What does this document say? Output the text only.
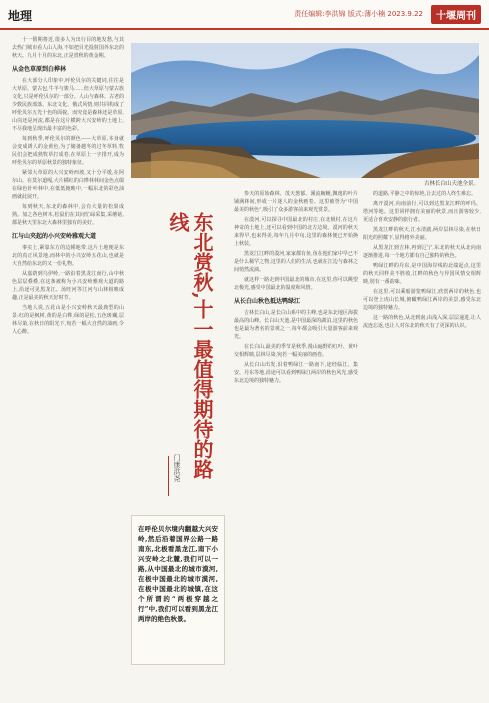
地理	责任编辑:李洪锦 版式:薄小楠 2023.9.22	十堰周刊

十一假期将近,很多人为出行目的地发愁,与其去热门城市看人山人海,不如把目光投射国外东北的秋天。九月十月的东北,正是赏秋的黄金期。

从金色草原到白桦林

在大部分人印象中,呼伦贝尔的关键词,往往是大草原、蒙古包,牛羊与骏马……但大草原与蒙古族文化,只是呼伦贝尔的一部分。人山与森林、古老的少数民族部落、东北文化、俄式风情,则共同构成了呼伦贝尔五光十色的面貌。而究竟是森林还是草原,山岗还是河流,都是在这片横跨大兴安岭的土地上,不尽我地呈现出最丰富的色彩。

每到秋季,呼伦贝尔的颜色——大草原,本身就会变成诱人的金黄色,为了储备越冬的过冬草料,牧民们会把成熟牧草打成卷,在草原上一字排开,成为呼伦贝尔的草原秋景的独特象征。

紧邻大草原的大兴安岭西坡,又十分平缓,在阿尔山、在莫尔道嘎,大片橘红的白桦林林间金色点缀在绿色针叶林中,在低低掩映中,一幅东北的彩色油画就此展开。

每到秋天,东北的森林中,会有大量的松果成熟。加之各色树木,松鼠们在其间忙碌采集,采蘑菇,都是秋天里东北大森林里独有的美好。

江与山夹起的小兴安岭雅观大道

事实上,紧靠东方的边陲地带,这片土地便是东北的真正风景地,而林中的小兴安岭五花山,也就是大自然给东北的又一份礼物。

从嘉荫到乌伊岭,一路沿着黑龙江而行,山中秋色层层叠叠,在这条被称为小兴安岭雅观大道的路上,沿途可见黑龙江、汤旺河等江河与山林相映成趣,正是最美的秋天好时节。

当地人说,五花山是小兴安岭秋天最典型的山景:红的是枫树,黄的是白桦,绿的是松,五色斑斓,层林尽染,在秋日的阳光下,宛若一幅大自然的油画,令人心醉。

吉林长白山天池全景。
东北赏秋,十一最值得期待的路线
门康洪尧
在呼伦贝尔境内翻越大兴安岭,然后沿着国界公路一路南东,北极看黑龙江,南下小兴安岭之北麓,我们可以一路,从中国最北的城市漠河,在极中国最北的城市漠河,在极中国最北的城镇,在这个所谓的“两极穿越之行”中,我们可以看到黑龙江两岸的绝色秋景。

参天的原始森林、茂天葱郁、溪流蜿蜒,飘逸的叶片铺满林间,形成一片迷人的金秋画卷。这里被誉为“中国最美的秋色”,吸引了众多游客前来观光赏景。

在漠河,可以探寻中国最北的村庄,在北极村,在这片神奇的土地上,还可以看到中国的北方边境。漠河的秋天来得早,也来得美,每年九月中旬,这里的森林便已开始换上秋装。

黑龙江江畔的漠河,家家都有鱼,鱼在他们家中早已不是什么稀罕之物,这里的人们的生活,也就在江边与森林之间悄然流淌。

就这样一路走到中国最北的城市,在这里,你可以眺望北极光,感受中国最北的温度和风情。

从长白山秋色抵达鸭绿江

吉林长白山,是长白山系中的主峰,也是东北地区海拔最高的山峰。长白山天池,是中国最深的湖泊,这里的秋色也是最为著名的景观之一,每年都会吸引大量游客前来观光。

在长白山,最美的季节是秋季,漫山遍野的红叶、黄叶交相辉映,层林尽染,宛若一幅美丽的画卷。

从长白山出发,沿着鸭绿江一路南下,途经临江、集安、丹东等地,沿途可以看到鸭绿江两岸的秋色风光,感受东北边境的独特魅力。

的道路,平静之中的惊艳,让去过的人终生难忘。

离开漠河,向南前行,可以到达黑龙江畔的呼玛、塔河等地。这里同样拥有美丽的秋景,而且游客较少,更适合喜欢安静的旅行者。

黑龙江畔的秋天,江水清澈,两岸层林尽染,在秋日阳光的照耀下,显得格外美丽。

从黑龙江到吉林,再到辽宁,东北的秋天从北向南逐渐推进,每一个地方都有自己独特的秋色。

鸭绿江畔的丹东,是中国海岸线的北端起点,这里的秋天同样美不胜收,江畔的秋色与异国风情交相辉映,别有一番韵味。

在这里,可以乘船游览鸭绿江,欣赏两岸的秋色,也可以登上虎山长城,俯瞰鸭绿江两岸的美景,感受东北边境的独特魅力。

这一路的秋色,从北到南,由浅入深,层层递进,让人流连忘返,也让人对东北的秋天有了更深的认识。
